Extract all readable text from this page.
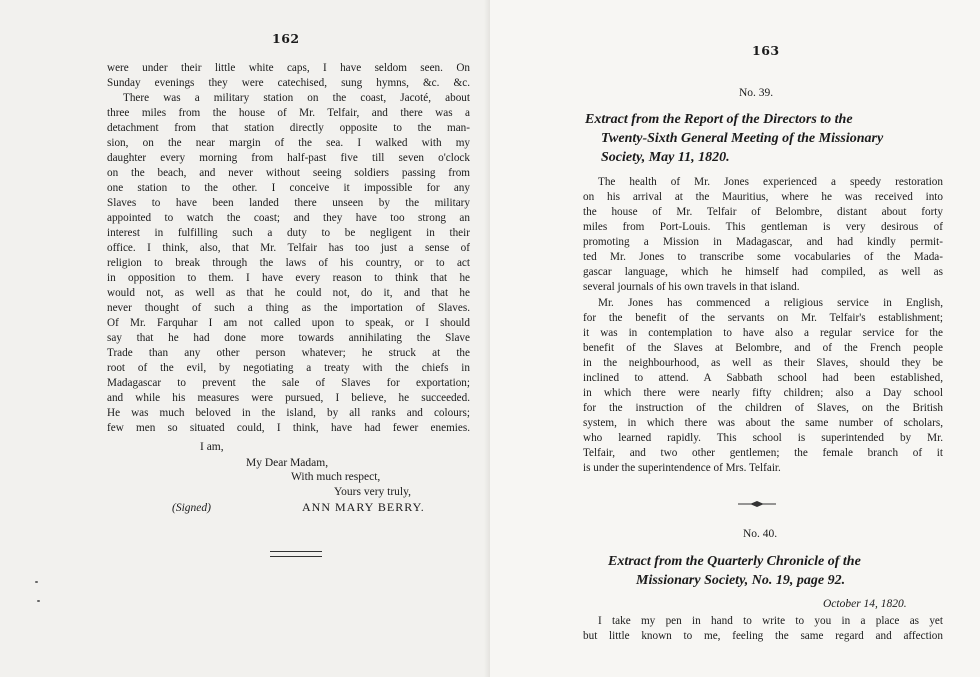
162
were under their little white caps, I have seldom seen. On
Sunday evenings they were catechised, sung hymns, &c. &c.
There was a military station on the coast, Jacoté, about
three miles from the house of Mr. Telfair, and there was a
detachment from that station directly opposite to the man-
sion, on the near margin of the sea. I walked with my
daughter every morning from half-past five till seven o'clock
on the beach, and never without seeing soldiers passing from
one station to the other. I conceive it impossible for any
Slaves to have been landed there unseen by the military
appointed to watch the coast; and they have too strong an
interest in fulfilling such a duty to be negligent in their
office. I think, also, that Mr. Telfair has too just a sense of
religion to break through the laws of his country, or to act
in opposition to them. I have every reason to think that he
would not, as well as that he could not, do it, and that he
never thought of such a thing as the importation of Slaves.
Of Mr. Farquhar I am not called upon to speak, or I should
say that he had done more towards annihilating the Slave
Trade than any other person whatever; he struck at the
root of the evil, by negotiating a treaty with the chiefs in
Madagascar to prevent the sale of Slaves for exportation;
and while his measures were pursued, I believe, he succeeded.
He was much beloved in the island, by all ranks and colours;
few men so situated could, I think, have had fewer enemies.
I am,
My Dear Madam,
With much respect,
Yours very truly,
(Signed)	ANN MARY BERRY.
163
No. 39.
Extract from the Report of the Directors to the
Twenty-Sixth General Meeting of the Missionary
Society, May 11, 1820.
The health of Mr. Jones experienced a speedy restoration
on his arrival at the Mauritius, where he was received into
the house of Mr. Telfair of Belombre, distant about forty
miles from Port-Louis. This gentleman is very desirous of
promoting a Mission in Madagascar, and had kindly permit-
ted Mr. Jones to transcribe some vocabularies of the Mada-
gascar language, which he himself had compiled, as well as
several journals of his own travels in that island.
Mr. Jones has commenced a religious service in English,
for the benefit of the servants on Mr. Telfair's establishment;
it was in contemplation to have also a regular service for the
benefit of the Slaves at Belombre, and of the French people
in the neighbourhood, as well as their Slaves, should they be
inclined to attend. A Sabbath school had been established,
in which there were nearly fifty children; also a Day school
for the instruction of the children of Slaves, on the British
system, in which there was about the same number of scholars,
who learned rapidly. This school is superintended by Mr.
Telfair, and two other gentlemen; the female branch of it
is under the superintendence of Mrs. Telfair.
No. 40.
Extract from the Quarterly Chronicle of the
Missionary Society, No. 19, page 92.
October 14, 1820.
I take my pen in hand to write to you in a place as yet
but little known to me, feeling the same regard and affection
